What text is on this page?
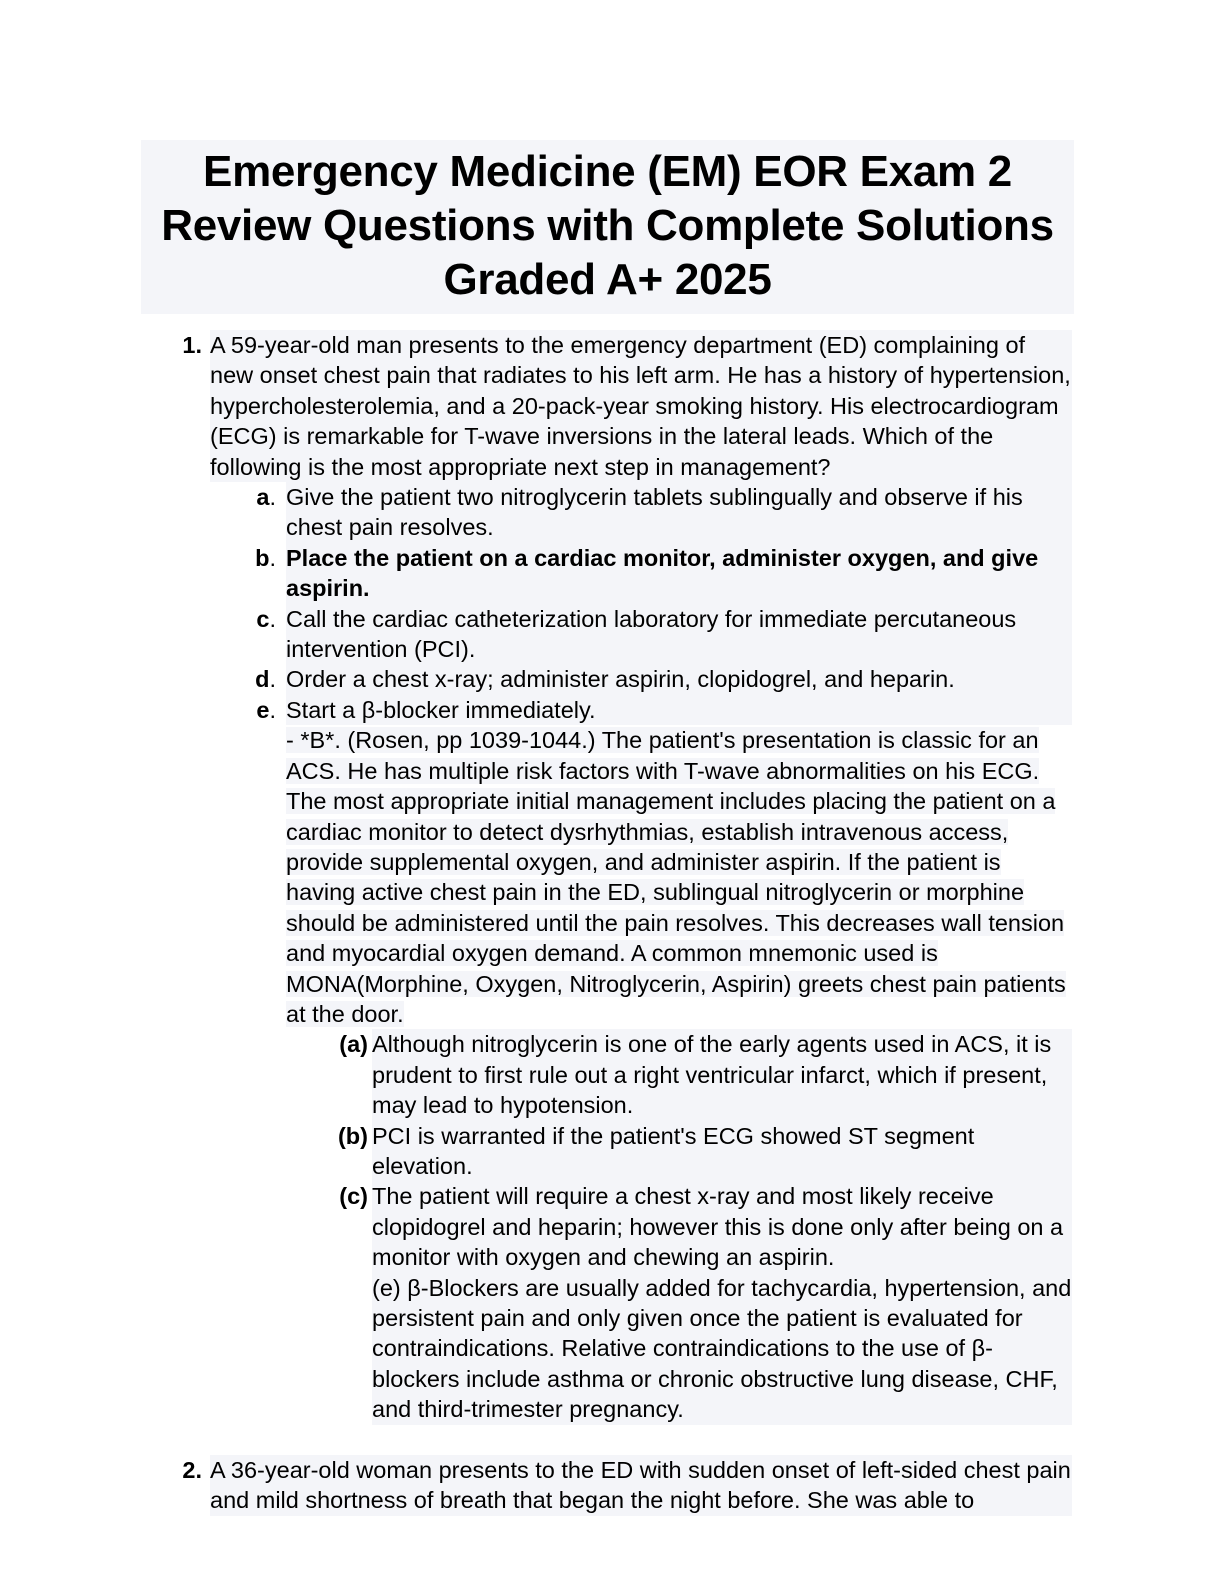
Emergency Medicine (EM) EOR Exam 2 Review Questions with Complete Solutions Graded A+ 2025
1. A 59-year-old man presents to the emergency department (ED) complaining of new onset chest pain that radiates to his left arm. He has a history of hypertension, hypercholesterolemia, and a 20-pack-year smoking history. His electrocardiogram (ECG) is remarkable for T-wave inversions in the lateral leads. Which of the following is the most appropriate next step in management?
a. Give the patient two nitroglycerin tablets sublingually and observe if his chest pain resolves.
b. Place the patient on a cardiac monitor, administer oxygen, and give aspirin.
c. Call the cardiac catheterization laboratory for immediate percutaneous intervention (PCI).
d. Order a chest x-ray; administer aspirin, clopidogrel, and heparin.
e. Start a β-blocker immediately.
- *B*. (Rosen, pp 1039-1044.) The patient's presentation is classic for an ACS. He has multiple risk factors with T-wave abnormalities on his ECG. The most appropriate initial management includes placing the patient on a cardiac monitor to detect dysrhythmias, establish intravenous access, provide supplemental oxygen, and administer aspirin. If the patient is having active chest pain in the ED, sublingual nitroglycerin or morphine should be administered until the pain resolves. This decreases wall tension and myocardial oxygen demand. A common mnemonic used is MONA(Morphine, Oxygen, Nitroglycerin, Aspirin) greets chest pain patients at the door.
(a) Although nitroglycerin is one of the early agents used in ACS, it is prudent to first rule out a right ventricular infarct, which if present, may lead to hypotension.
(b) PCI is warranted if the patient's ECG showed ST segment elevation.
(c) The patient will require a chest x-ray and most likely receive clopidogrel and heparin; however this is done only after being on a monitor with oxygen and chewing an aspirin.
(e) β-Blockers are usually added for tachycardia, hypertension, and persistent pain and only given once the patient is evaluated for contraindications. Relative contraindications to the use of β-blockers include asthma or chronic obstructive lung disease, CHF, and third-trimester pregnancy.
2. A 36-year-old woman presents to the ED with sudden onset of left-sided chest pain and mild shortness of breath that began the night before. She was able to
